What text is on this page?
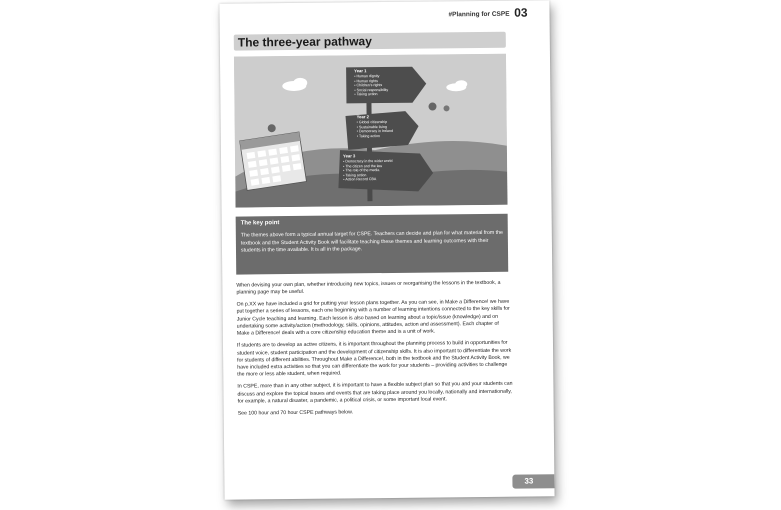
#Planning for CSPE 03
The three-year pathway
Year 1
• Human dignity
• Human rights
• Children's rights
• Social responsibility
• Taking action
Year 2
• Global citizenship
• Sustainable living
• Democracy in Ireland
• Taking action
Year 3
• Democracy in the wider world
• The citizen and the law
• The role of the media
• Taking action
• Action Record CBA
The key point
The themes above form a typical annual target for CSPE. Teachers can decide and plan for what material from the textbook and the Student Activity Book will facilitate teaching these themes and learning outcomes with their students in the time available. It is all in the package.

When devising your own plan, whether introducing new topics, issues or reorganising the lessons in the textbook, a planning page may be useful.

On p.XX we have included a grid for putting your lesson plans together. As you can see, in Make a Difference! we have put together a series of lessons, each one beginning with a number of learning intentions connected to the key skills for Junior Cycle teaching and learning. Each lesson is also based on learning about a topic/issue (knowledge) and on undertaking some activity/action (methodology, skills, opinions, attitudes, action and assessment). Each chapter of Make a Difference! deals with a core citizenship education theme and is a unit of work.

If students are to develop as active citizens, it is important throughout the planning process to build in opportunities for student voice, student participation and the development of citizenship skills. It is also important to differentiate the work for students of different abilities. Throughout Make a Difference!, both in the textbook and the Student Activity Book, we have included extra activities so that you can differentiate the work for your students – providing activities to challenge the more or less able student, when required.

In CSPE, more than in any other subject, it is important to have a flexible subject plan so that you and your students can discuss and explore the topical issues and events that are taking place around you locally, nationally and internationally, for example, a natural disaster, a pandemic, a political crisis, or some important local event.

See 100 hour and 70 hour CSPE pathways below.

33
